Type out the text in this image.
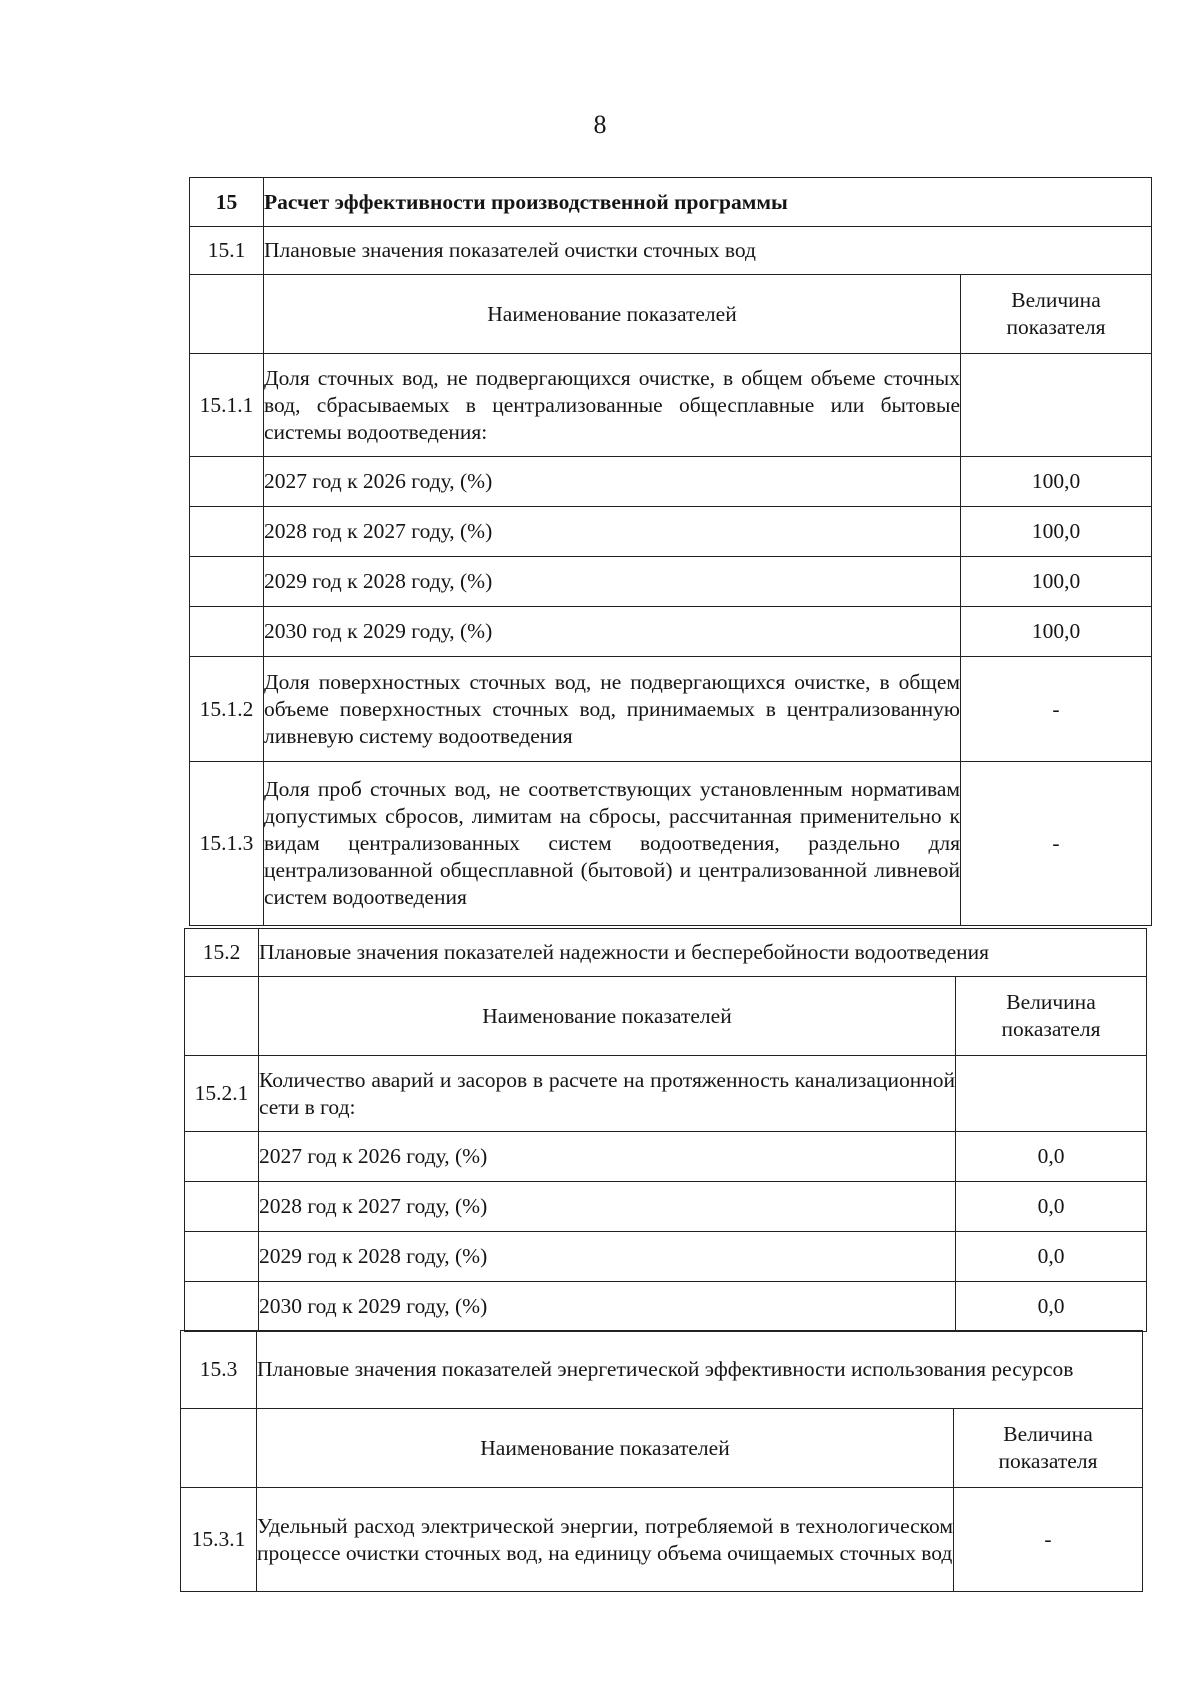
8
15	Расчет эффективности производственной программы	
15.1	Плановые значения показателей очистки сточных вод	
	Наименование показателей	Величина показателя
15.1.1	Доля сточных вод, не подвергающихся очистке, в общем объеме сточных вод, сбрасываемых в централизованные общесплавные или бытовые системы водоотведения:	
	2027 год к 2026 году, (%)	100,0
	2028 год к 2027 году, (%)	100,0
	2029 год к 2028 году, (%)	100,0
	2030 год к 2029 году, (%)	100,0
15.1.2	Доля поверхностных сточных вод, не подвергающихся очистке, в общем объеме поверхностных сточных вод, принимаемых в централизованную ливневую систему водоотведения	-
15.1.3	Доля проб сточных вод, не соответствующих установленным нормативам допустимых сбросов, лимитам на сбросы, рассчитанная применительно к видам централизованных систем водоотведения, раздельно для централизованной общесплавной (бытовой) и централизованной ливневой систем водоотведения	-
15.2	Плановые значения показателей надежности и бесперебойности водоотведения	
	Наименование показателей	Величина показателя
15.2.1	Количество аварий и засоров в расчете на протяженность канализационной сети в год:	
	2027 год к 2026 году, (%)	0,0
	2028 год к 2027 году, (%)	0,0
	2029 год к 2028 году, (%)	0,0
	2030 год к 2029 году, (%)	0,0
15.3	Плановые значения показателей энергетической эффективности использования ресурсов	
	Наименование показателей	Величина показателя
15.3.1	Удельный расход электрической энергии, потребляемой в технологическом процессе очистки сточных вод, на единицу объема очищаемых сточных вод	-
